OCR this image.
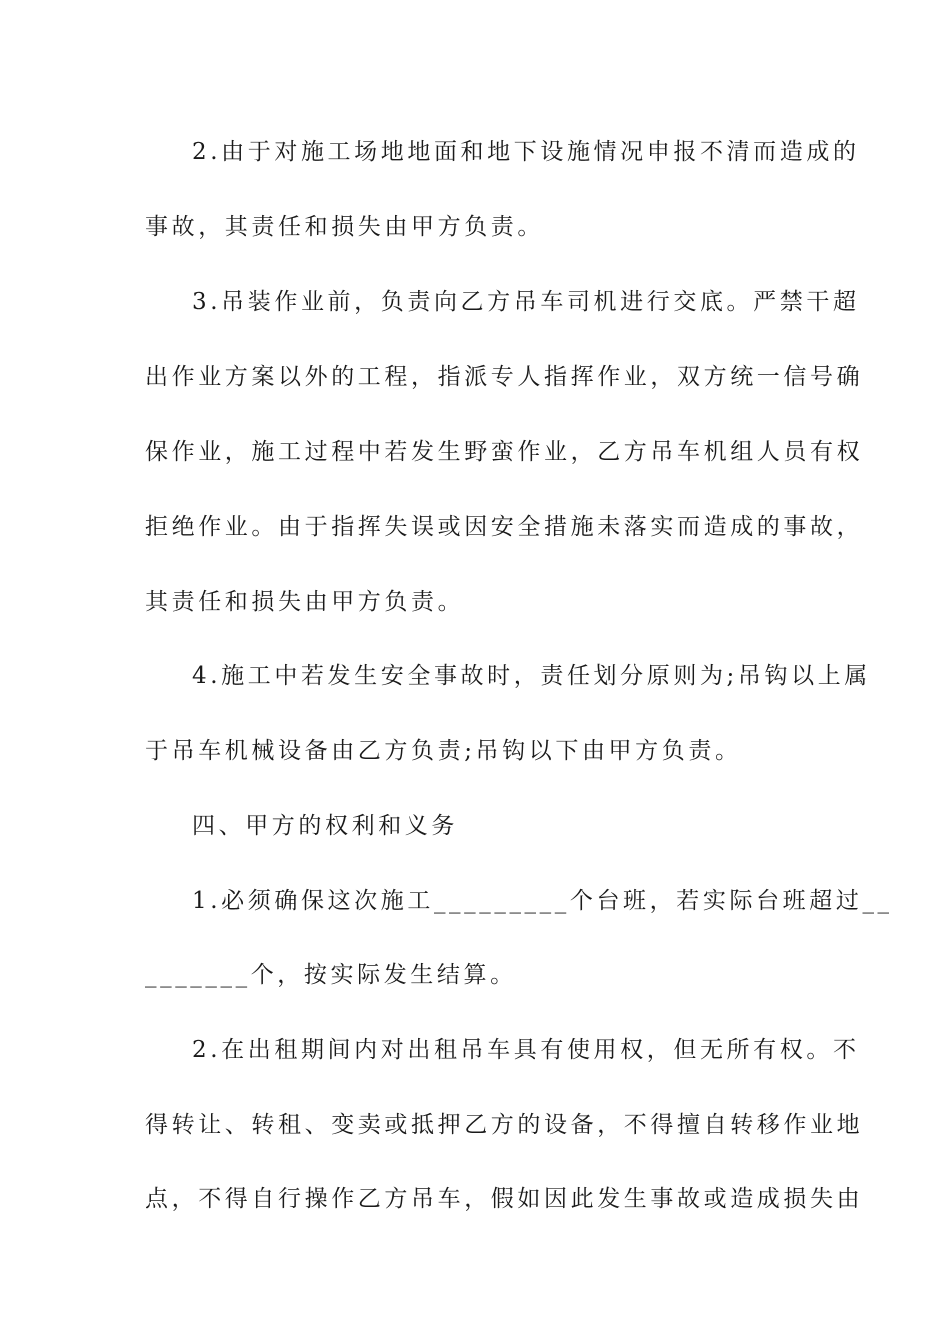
2.由于对施工场地地面和地下设施情况申报不清而造成的
事故，其责任和损失由甲方负责。
3.吊装作业前，负责向乙方吊车司机进行交底。严禁干超
出作业方案以外的工程，指派专人指挥作业，双方统一信号确
保作业，施工过程中若发生野蛮作业，乙方吊车机组人员有权
拒绝作业。由于指挥失误或因安全措施未落实而造成的事故，
其责任和损失由甲方负责。
4.施工中若发生安全事故时，责任划分原则为;吊钩以上属
于吊车机械设备由乙方负责;吊钩以下由甲方负责。
四、甲方的权利和义务
1.必须确保这次施工_________个台班，若实际台班超过__
_______个，按实际发生结算。
2.在出租期间内对出租吊车具有使用权，但无所有权。不
得转让、转租、变卖或抵押乙方的设备，不得擅自转移作业地
点，不得自行操作乙方吊车，假如因此发生事故或造成损失由
